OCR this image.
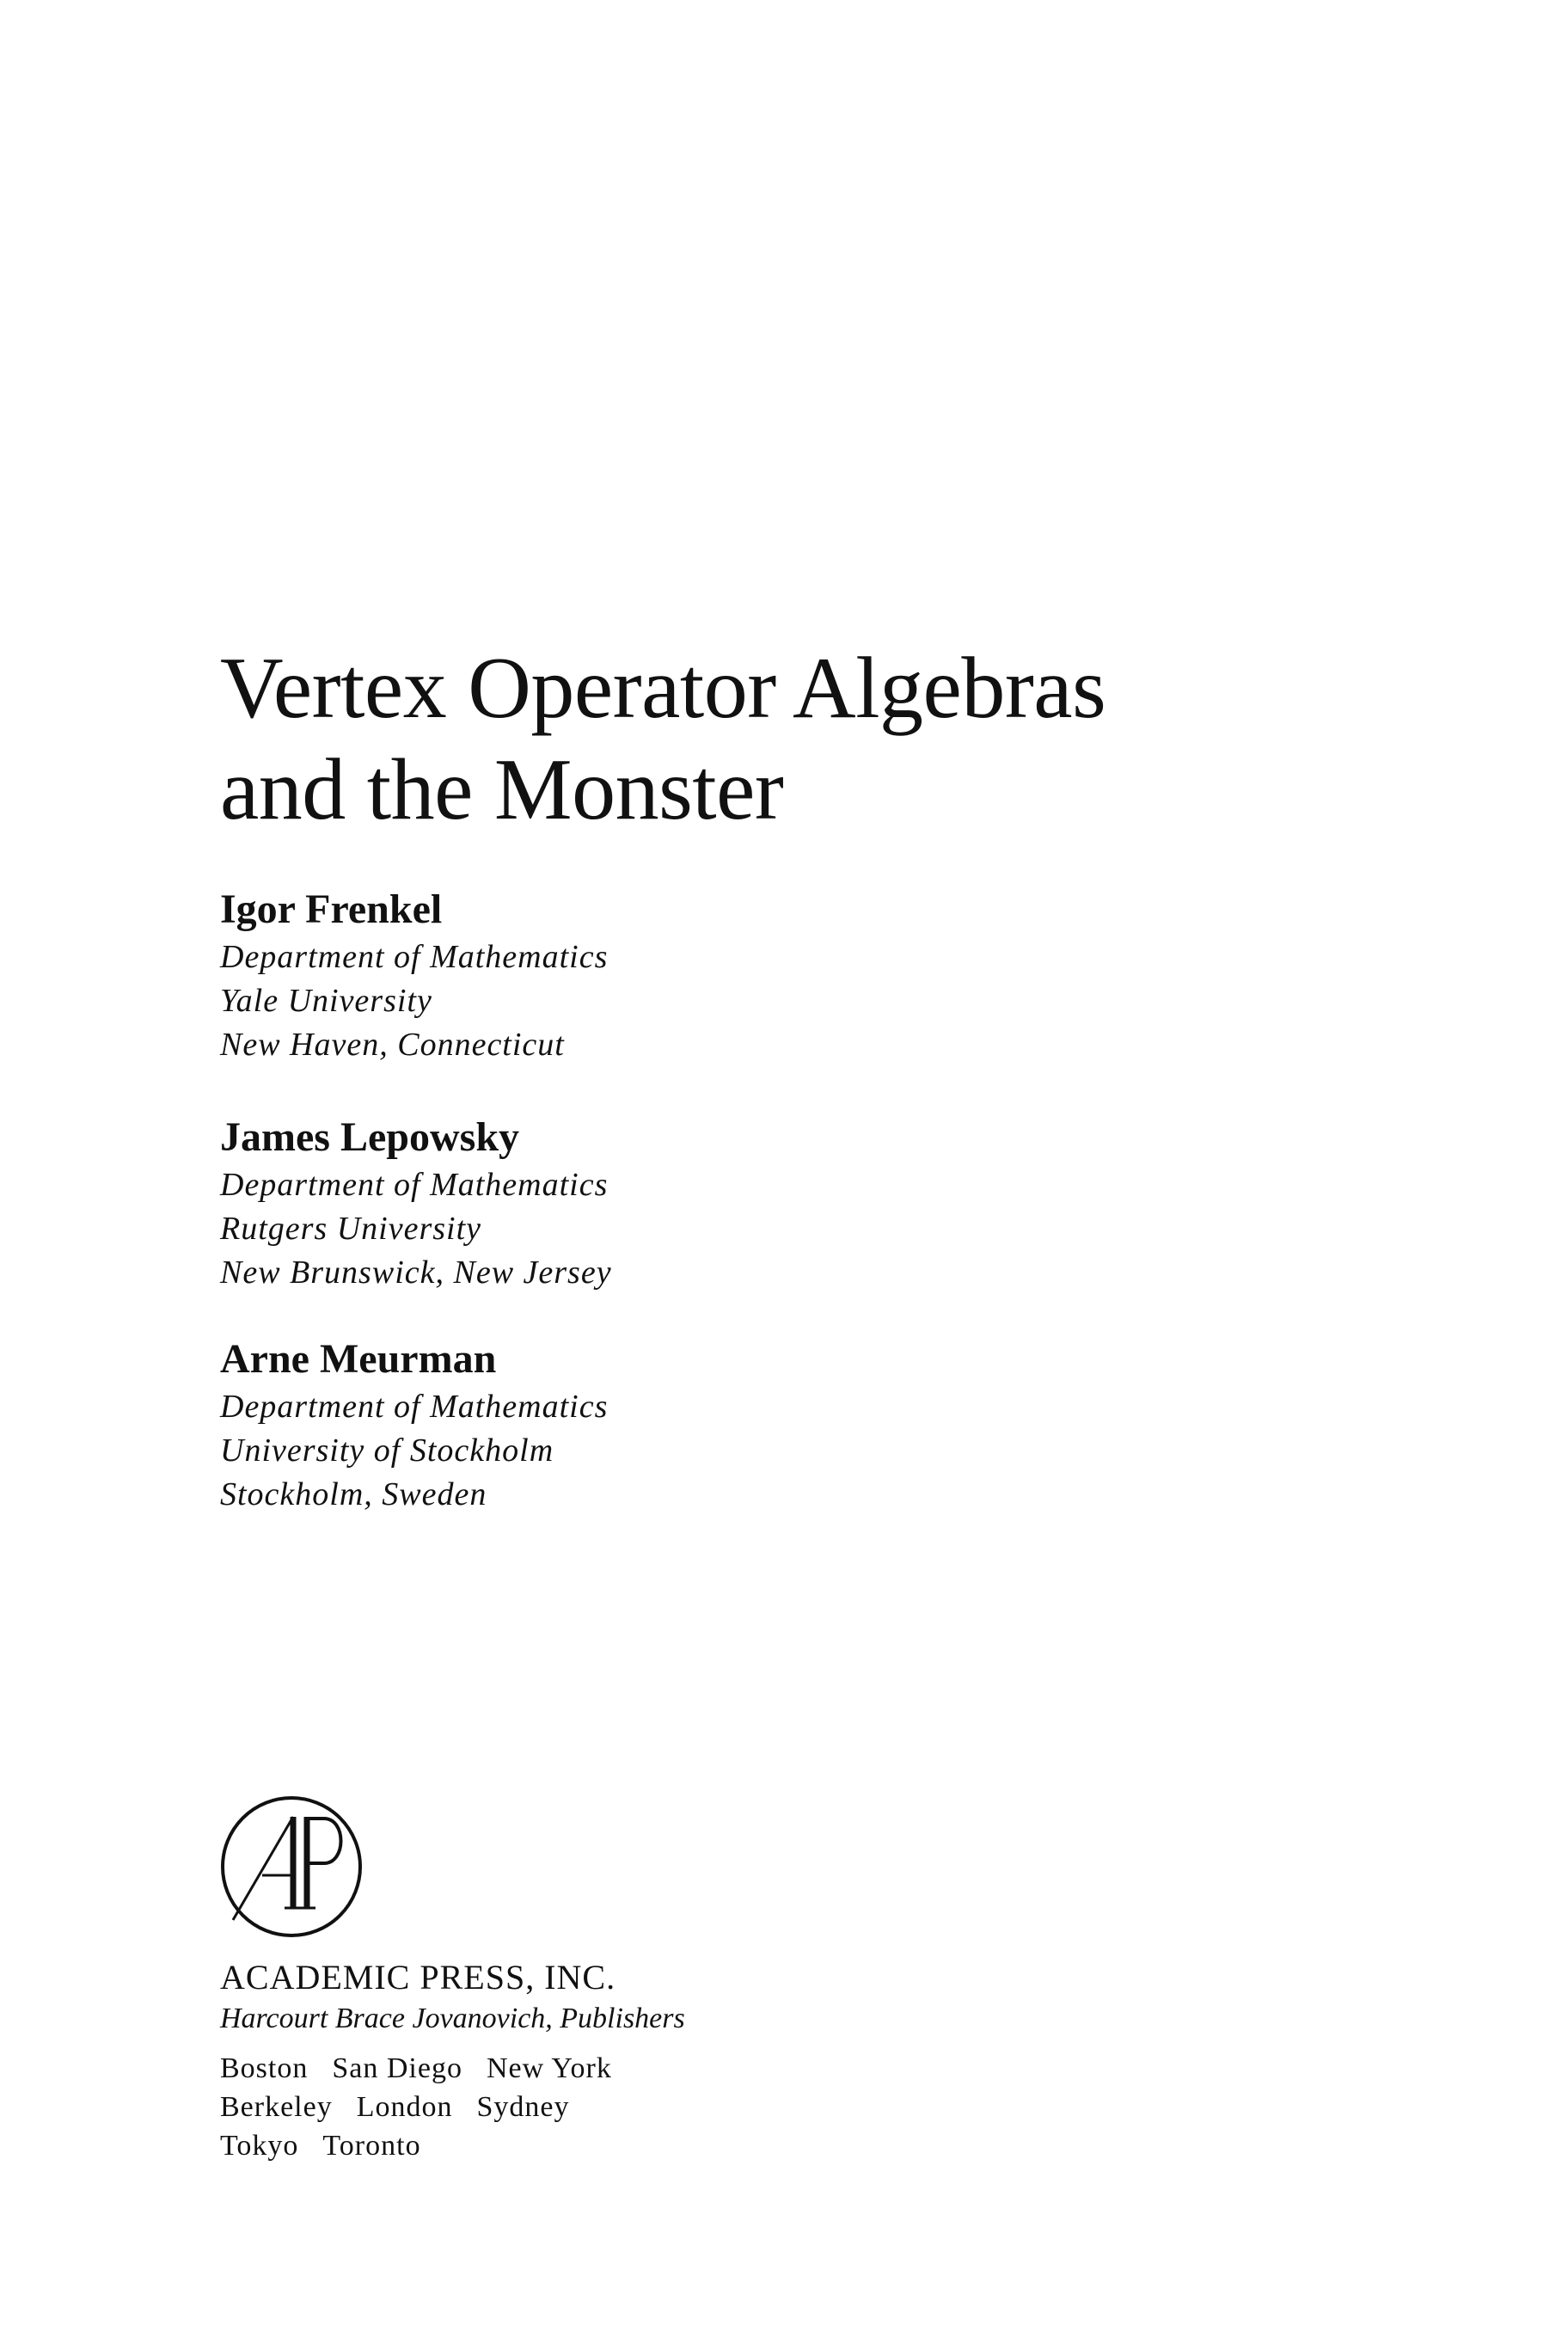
Vertex Operator Algebras
and the Monster
Igor Frenkel
Department of Mathematics
Yale University
New Haven, Connecticut
James Lepowsky
Department of Mathematics
Rutgers University
New Brunswick, New Jersey
Arne Meurman
Department of Mathematics
University of Stockholm
Stockholm, Sweden
ACADEMIC PRESS, INC.
Harcourt Brace Jovanovich, Publishers
Boston San Diego New York
Berkeley London Sydney
Tokyo Toronto
